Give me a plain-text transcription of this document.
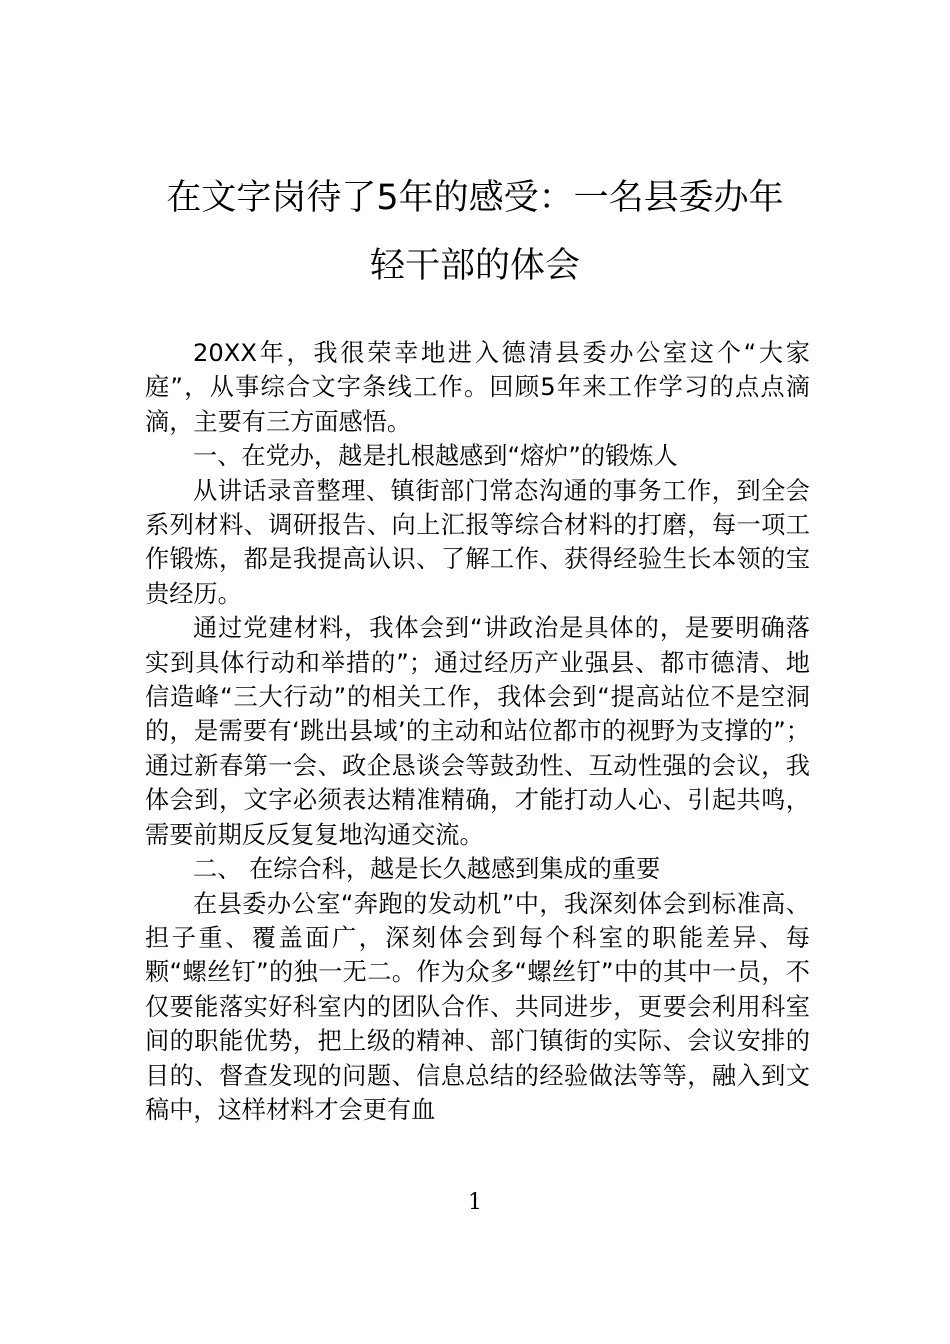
在文字岗待了5年的感受：一名县委办年
轻干部的体会

20XX年，我很荣幸地进入德清县委办公室这个“大家庭”，从事综合文字条线工作。回顾5年来工作学习的点点滴滴，主要有三方面感悟。

一、在党办，越是扎根越感到“熔炉”的锻炼人

从讲话录音整理、镇街部门常态沟通的事务工作，到全会系列材料、调研报告、向上汇报等综合材料的打磨，每一项工作锻炼，都是我提高认识、了解工作、获得经验生长本领的宝贵经历。

通过党建材料，我体会到“讲政治是具体的，是要明确落实到具体行动和举措的”；通过经历产业强县、都市德清、地信造峰“三大行动”的相关工作，我体会到“提高站位不是空洞的，是需要有‘跳出县域’的主动和站位都市的视野为支撑的”；通过新春第一会、政企恳谈会等鼓劲性、互动性强的会议，我体会到，文字必须表达精准精确，才能打动人心、引起共鸣，需要前期反反复复地沟通交流。

二、 在综合科，越是长久越感到集成的重要

在县委办公室“奔跑的发动机”中，我深刻体会到标准高、担子重、覆盖面广，深刻体会到每个科室的职能差异、每颗“螺丝钉”的独一无二。作为众多“螺丝钉”中的其中一员，不仅要能落实好科室内的团队合作、共同进步，更要会利用科室间的职能优势，把上级的精神、部门镇街的实际、会议安排的目的、督查发现的问题、信息总结的经验做法等等，融入到文稿中，这样材料才会更有血

1
